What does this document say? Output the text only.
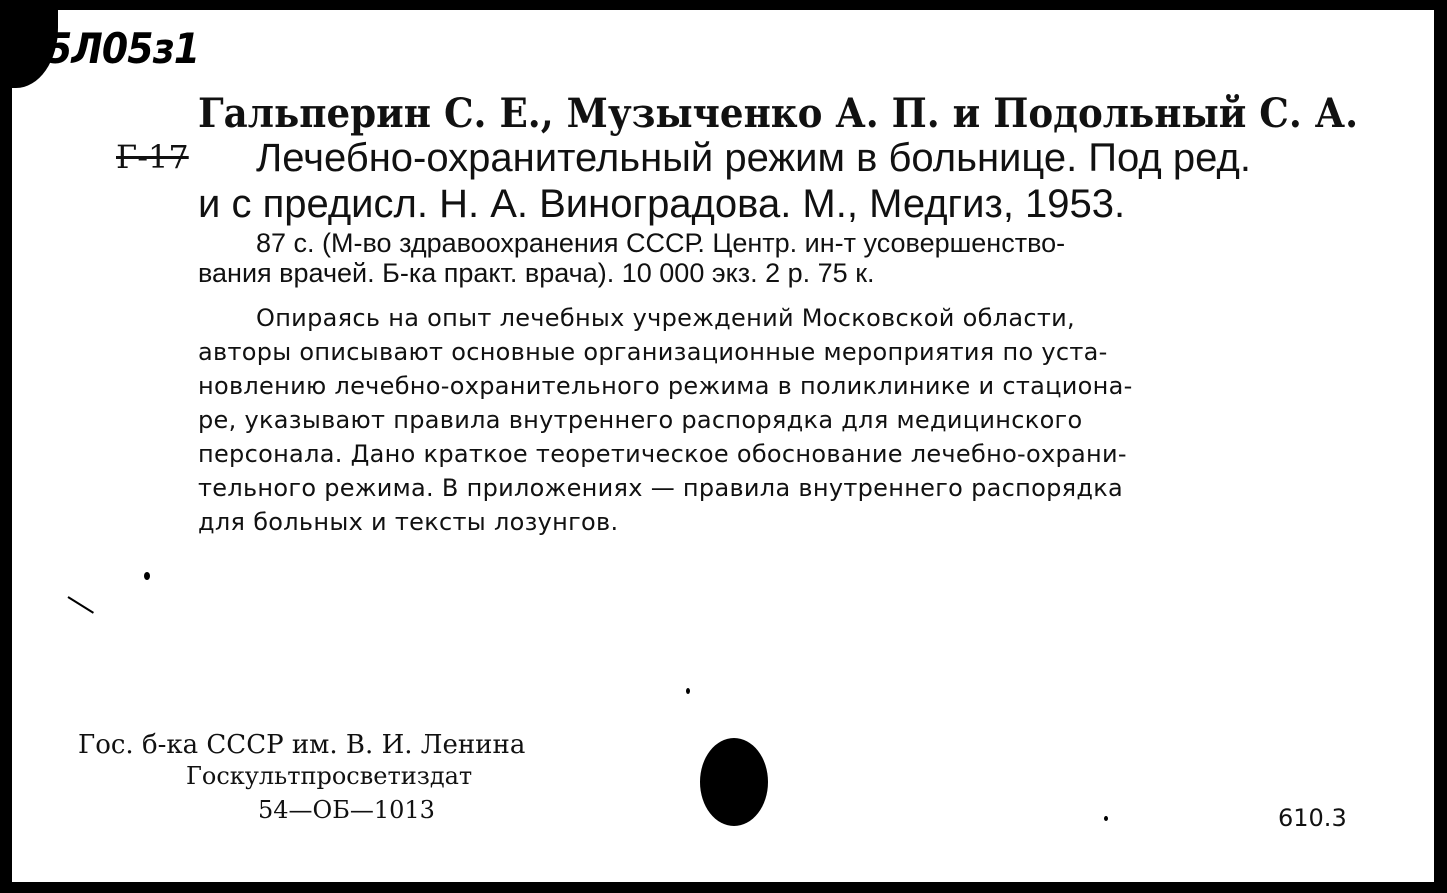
5Л05з1
Гальперин С. Е., Музыченко А. П. и Подольный С. А.
Г-17 Лечебно-охранительный режим в больнице. Под ред.
и с предисл. Н. А. Виноградова. М., Медгиз, 1953.
87 с. (М-во здравоохранения СССР. Центр. ин-т усовершенство-
вания врачей. Б-ка практ. врача). 10 000 экз. 2 р. 75 к.
Опираясь на опыт лечебных учреждений Московской области,
авторы описывают основные организационные мероприятия по уста-
новлению лечебно-охранительного режима в поликлинике и стациона-
ре, указывают правила внутреннего распорядка для медицинского
персонала. Дано краткое теоретическое обоснование лечебно-охрани-
тельного режима. В приложениях — правила внутреннего распорядка
для больных и тексты лозунгов.
Гос. б-ка СССР им. В. И. Ленина
Госкультпросветиздат
54—ОБ—1013	610.3
